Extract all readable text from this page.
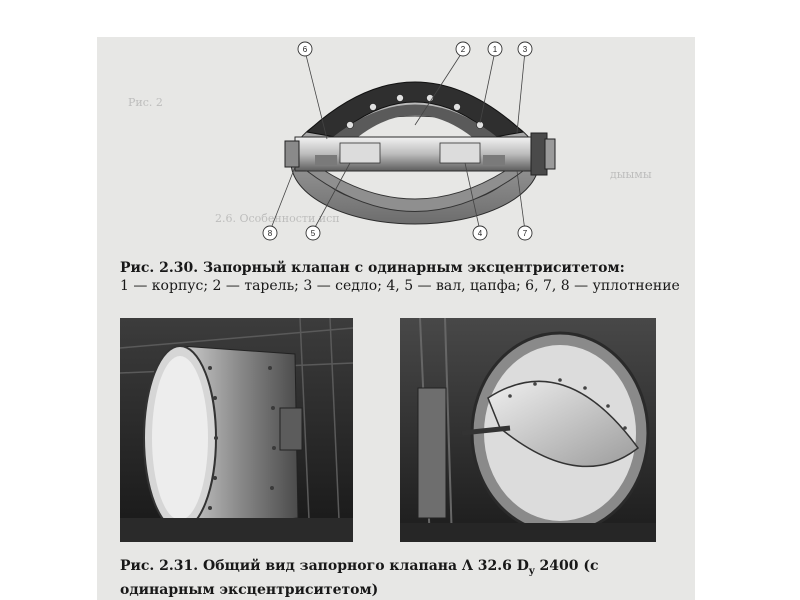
Рис. 2
дыымы
2.6. Особенности исп
6	2	1	3
8	5	4	7
Рис. 2.30. Запорный клапан с одинарным эксцентриситетом:
1 — корпус; 2 — тарель; 3 — седло; 4, 5 — вал, цапфа; 6, 7, 8 — уплотнение
Рис. 2.31. Общий вид запорного клапана Λ 32.6 $D_y$ 2400 (с одинарным эксцентриситетом)
